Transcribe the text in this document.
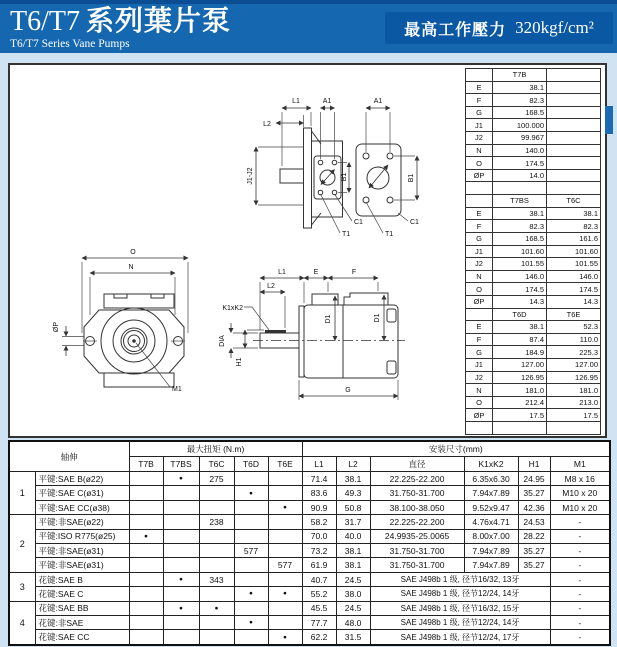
T6/T7 系列葉片泵
T6/T7 Series Vane Pumps
最高工作壓力 320kgf/cm²
L1
L2
A1	A1
J1-J2	B1	B1
C1
T1	T1
C1
O
N
ØP
M1
L1	E	F
L2
K1xK2
D1	D1
DIA
H1
G
	T7B	
E	38.1	
F	82.3	
G	168.5	
J1	100.000	
J2	99.967	
N	140.0	
O	174.5	
ØP	14.0	

	T7BS	T6C
E	38.1	38.1
F	82.3	82.3
G	168.5	161.6
J1	101.60	101.60
J2	101.55	101.55
N	146.0	146.0
O	174.5	174.5
ØP	14.3	14.3
	T6D	T6E
E	38.1	52.3
F	87.4	110.0
G	184.9	225.3
J1	127.00	127.00
J2	126.95	126.95
N	181.0	181.0
O	212.4	213.0
ØP	17.5	17.5

轴伸		最大扭矩 (N.m)					安装尺寸(mm)					
		T7B	T7BS	T6C	T6D	T6E	L1	L2	直径	K1xK2	H1	M1
1	平键:SAE B(ø22)		●	275			71.4	38.1	22.225-22.200	6.35x6.30	24.95	M8 x 16
	平键:SAE C(ø31)				●		83.6	49.3	31.750-31.700	7.94x7.89	35.27	M10 x 20
	平键:SAE CC(ø38)					●	90.9	50.8	38.100-38.050	9.52x9.47	42.36	M10 x 20
2	平键:非SAE(ø22)			238			58.2	31.7	22.225-22.200	4.76x4.71	24.53	-
	平键:ISO R775(ø25)	●					70.0	40.0	24.9935-25.0065	8.00x7.00	28.22	-
	平键:非SAE(ø31)				577		73.2	38.1	31.750-31.700	7.94x7.89	35.27	-
	平键:非SAE(ø31)					577	61.9	38.1	31.750-31.700	7.94x7.89	35.27	-
3	花键:SAE B		●	343			40.7	24.5	SAE J498b 1 级, 径节16/32, 13牙			-
	花键:SAE C				●	●	55.2	38.0	SAE J498b 1 级, 径节12/24, 14牙			-
4	花键:SAE BB		●	●			45.5	24.5	SAE J498b 1 级, 径节16/32, 15牙			-
	花键:非SAE				●		77.7	48.0	SAE J498b 1 级, 径节12/24, 14牙			-
	花键:SAE CC					●	62.2	31.5	SAE J498b 1 级, 径节12/24, 17牙			-
